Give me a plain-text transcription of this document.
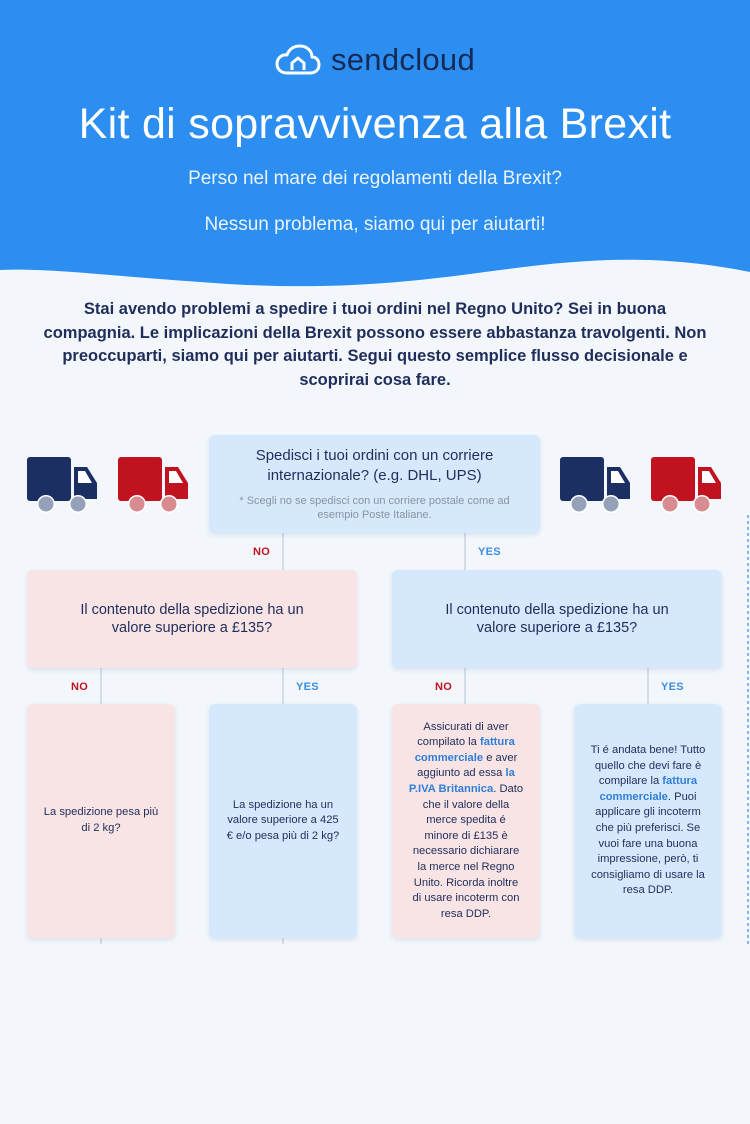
sendcloud
Kit di sopravvivenza alla Brexit
Perso nel mare dei regolamenti della Brexit?
Nessun problema, siamo qui per aiutarti!

Stai avendo problemi a spedire i tuoi ordini nel Regno Unito? Sei in buona compagnia. Le implicazioni della Brexit possono essere abbastanza travolgenti. Non preoccuparti, siamo qui per aiutarti. Segui questo semplice flusso decisionale e scoprirai cosa fare.

Spedisci i tuoi ordini con un corriere internazionale? (e.g. DHL, UPS)
* Scegli no se spedisci con un corriere postale come ad esempio Poste Italiane.
NO	YES
Il contenuto della spedizione ha un valore superiore a £135?
Il contenuto della spedizione ha un valore superiore a £135?
NO	YES	NO	YES
La spedizione pesa più di 2 kg?
La spedizione ha un valore superiore a 425 € e/o pesa più di 2 kg?

Assicurati di aver compilato la fattura commerciale e aver aggiunto ad essa la P.IVA Britannica. Dato che il valore della merce spedita é minore di £135 è necessario dichiarare la merce nel Regno Unito. Ricorda inoltre di usare incoterm con resa DDP.

Ti é andata bene! Tutto quello che devi fare è compilare la fattura commerciale. Puoi applicare gli incoterm che più preferisci. Se vuoi fare una buona impressione, però, ti consigliamo di usare la resa DDP.
